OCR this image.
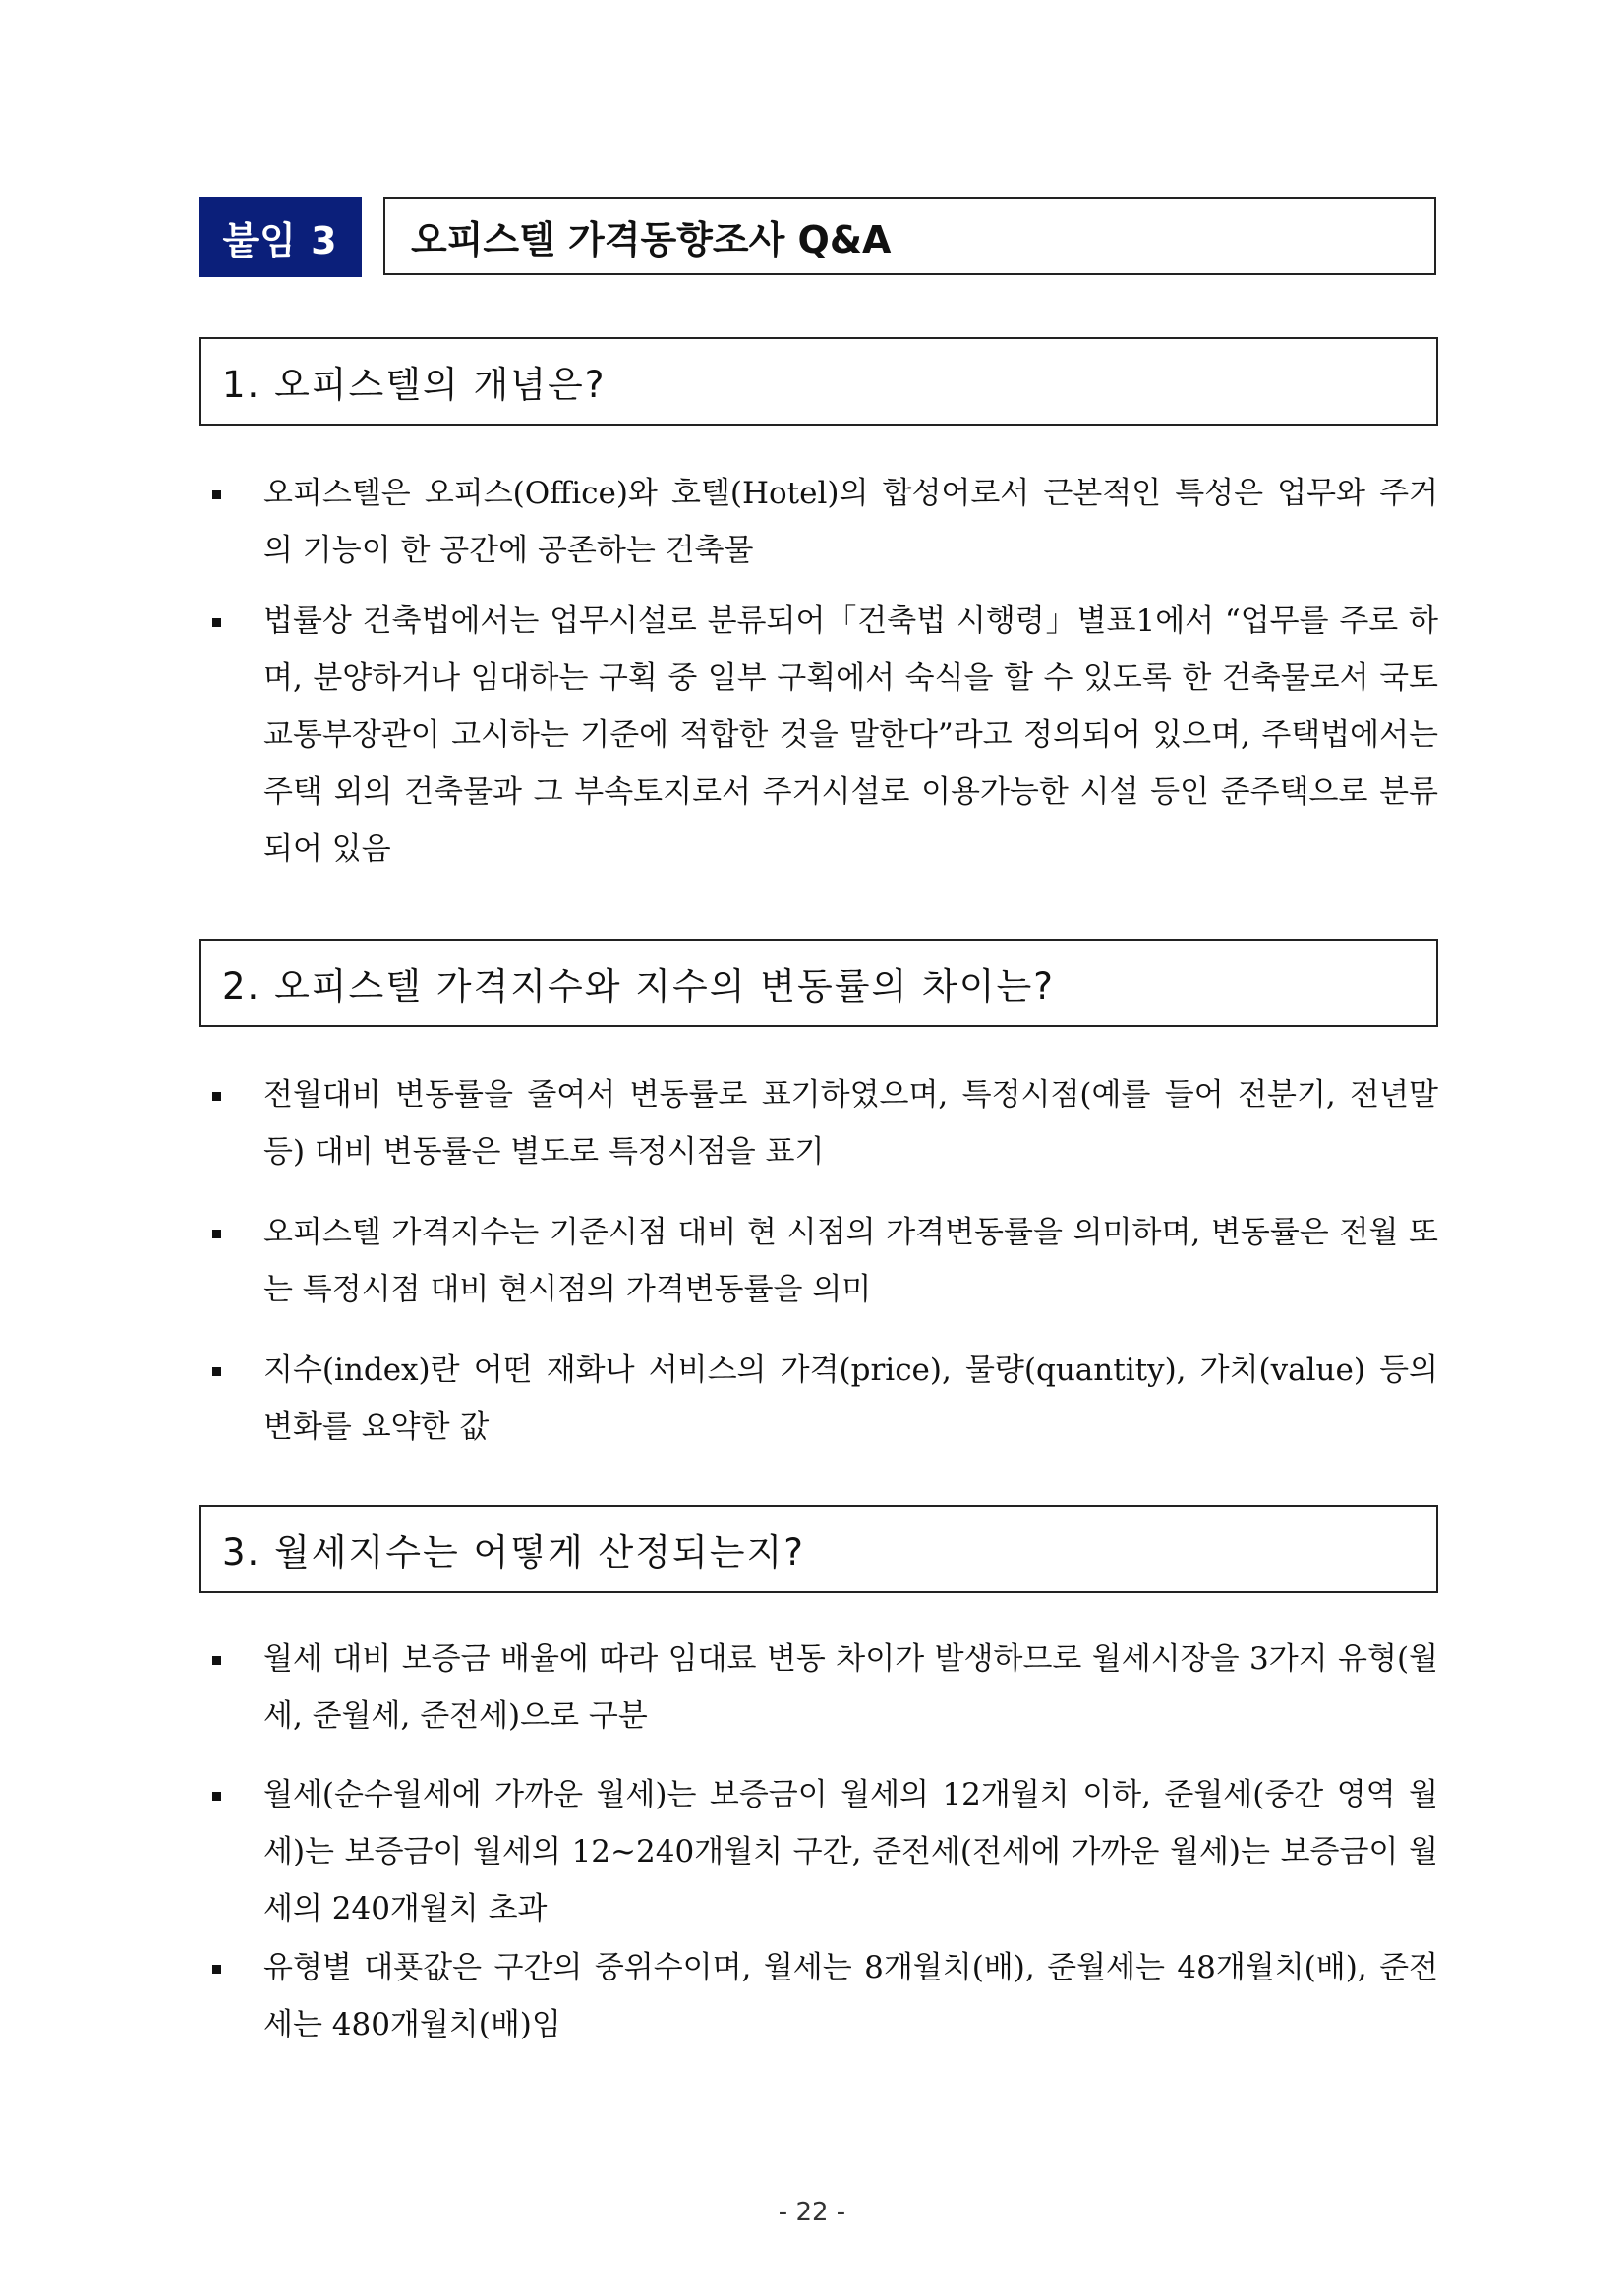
붙임 3	오피스텔 가격동향조사 Q&A
1. 오피스텔의 개념은?
오피스텔은 오피스(Office)와 호텔(Hotel)의 합성어로서 근본적인 특성은 업무와 주거의 기능이 한 공간에 공존하는 건축물
법률상 건축법에서는 업무시설로 분류되어「건축법 시행령」별표1에서 “업무를 주로 하며, 분양하거나 임대하는 구획 중 일부 구획에서 숙식을 할 수 있도록 한 건축물로서 국토교통부장관이 고시하는 기준에 적합한 것을 말한다”라고 정의되어 있으며, 주택법에서는 주택 외의 건축물과 그 부속토지로서 주거시설로 이용가능한 시설 등인 준주택으로 분류되어 있음
2. 오피스텔 가격지수와 지수의 변동률의 차이는?
전월대비 변동률을 줄여서 변동률로 표기하였으며, 특정시점(예를 들어 전분기, 전년말 등) 대비 변동률은 별도로 특정시점을 표기
오피스텔 가격지수는 기준시점 대비 현 시점의 가격변동률을 의미하며, 변동률은 전월 또는 특정시점 대비 현시점의 가격변동률을 의미
지수(index)란 어떤 재화나 서비스의 가격(price), 물량(quantity), 가치(value) 등의 변화를 요약한 값
3. 월세지수는 어떻게 산정되는지?
월세 대비 보증금 배율에 따라 임대료 변동 차이가 발생하므로 월세시장을 3가지 유형(월세, 준월세, 준전세)으로 구분
월세(순수월세에 가까운 월세)는 보증금이 월세의 12개월치 이하, 준월세(중간 영역 월세)는 보증금이 월세의 12~240개월치 구간, 준전세(전세에 가까운 월세)는 보증금이 월세의 240개월치 초과
유형별 대푯값은 구간의 중위수이며, 월세는 8개월치(배), 준월세는 48개월치(배), 준전세는 480개월치(배)임
- 22 -
